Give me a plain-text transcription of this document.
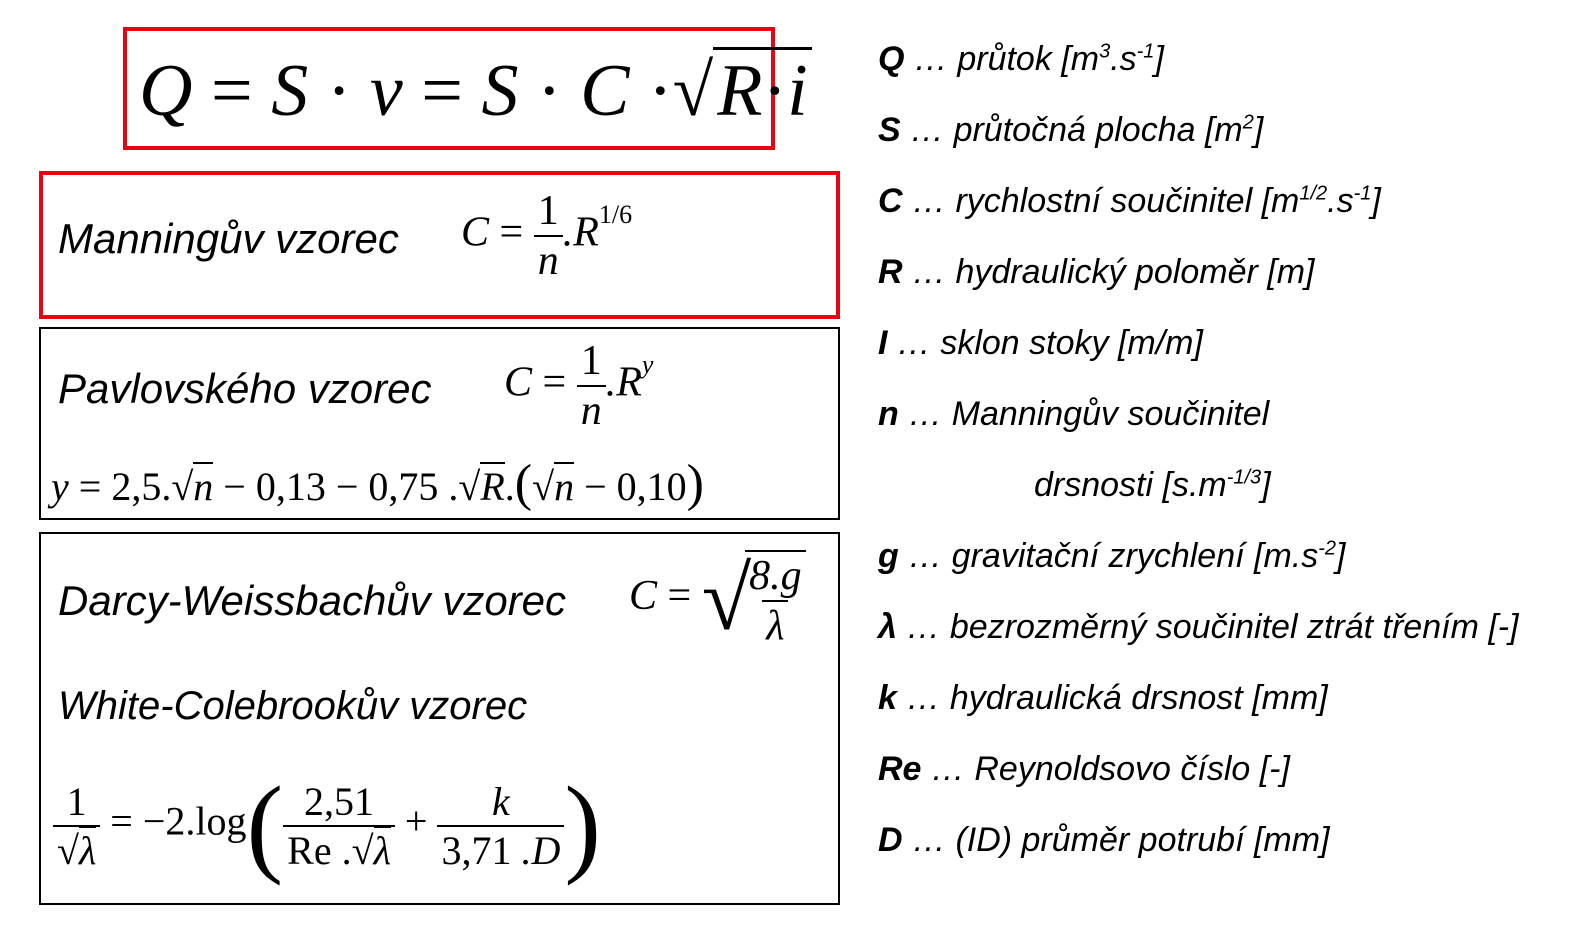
Q = S · v = S · C ·√R·i
Manningův vzorec $C = \frac{1}{n} .R^{1/6}$
Pavlovského vzorec $C = \frac{1}{n} .R^y$
y = 2,5.√n − 0,13 − 0,75 .√R.(√n − 0,10)
Darcy-Weissbachův vzorec C = √
$\frac{8.g}{\lambda}$
White-Colebrookův vzorec
$\frac{1}{√\lambda} = -2.\log( \frac{2,51}{Re .√\lambda} + \frac{k}{3,71 .D}$ )
Q … průtok $[m^3.s^{-1}]$
S … průtočná plocha $[m^2]$
C … rychlostní součinitel $[m^{1/2}.s^{-1}]$
R … hydraulický poloměr [m]
I … sklon stoky [m/m]
n … Manningův součinitel
drsnosti $[s.m^{-1/3}]$
g … gravitační zrychlení $[m.s^{-2}]$
λ … bezrozměrný součinitel ztrát třením [-]
k … hydraulická drsnost [mm]
Re … Reynoldsovo číslo [-]
D … (ID) průměr potrubí [mm]
